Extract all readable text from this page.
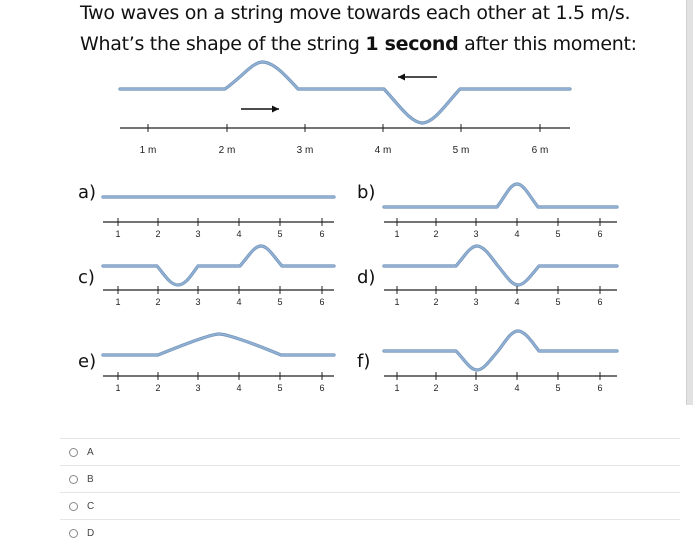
Two waves on a string move towards each other at 1.5 m/s.
What’s the shape of the string 1 second after this moment:
1 m	2 m	3 m	4 m	5 m	6 m
a)
1	2	3	4	5	6
b)
1	2	3	4	5	6
c)
1	2	3	4	5	6
d)
1	2	3	4	5	6
e)
1	2	3	4	5	6
f)
1	2	3	4	5	6
A
B
C
D
